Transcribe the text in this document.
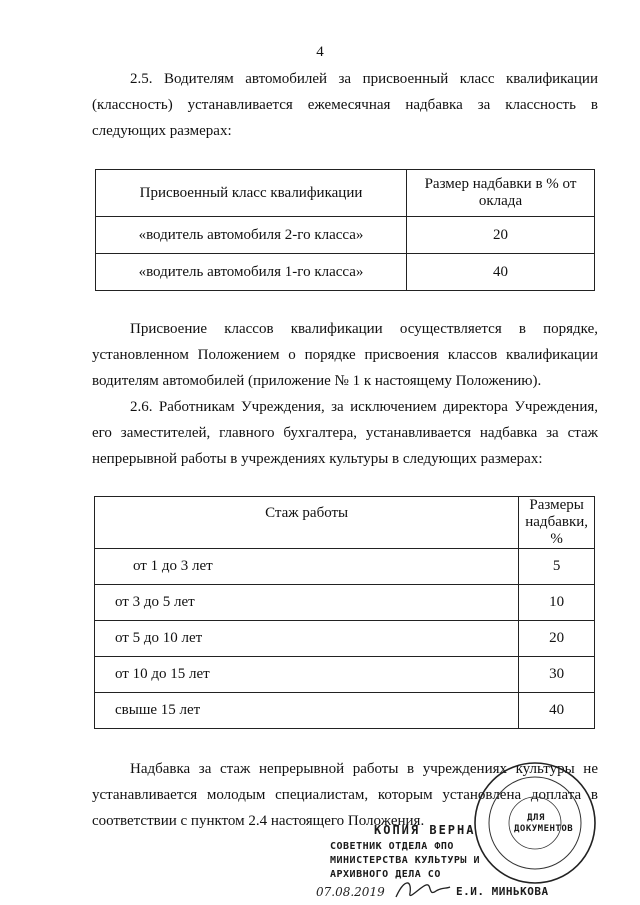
4
2.5. Водителям автомобилей за присвоенный класс квалификации
(классность) устанавливается ежемесячная надбавка за классность в
следующих размерах:
Присвоенный класс квалификации	Размер надбавки в % от оклада
«водитель автомобиля 2-го класса»	20
«водитель автомобиля 1-го класса»	40
Присвоение классов квалификации осуществляется в порядке,
установленном Положением о порядке присвоения классов квалификации
водителям автомобилей (приложение № 1 к настоящему Положению).
2.6. Работникам Учреждения, за исключением директора Учреждения,
его заместителей, главного бухгалтера, устанавливается надбавка за стаж
непрерывной работы в учреждениях культуры в следующих размерах:
Стаж работы	Размеры надбавки, %
от 1 до 3 лет	5
от 3 до 5 лет	10
от 5 до 10 лет	20
от 10 до 15 лет	30
свыше 15 лет	40
Надбавка за стаж непрерывной работы в учреждениях культуры не
устанавливается молодым специалистам, которым установлена доплата в
соответствии с пунктом 2.4 настоящего Положения.	ДЛЯ ДОКУМЕНТОВ
КОПИЯ ВЕРНА
СОВЕТНИК ОТДЕЛА ФПО
МИНИСТЕРСТВА КУЛЬТУРЫ И
АРХИВНОГО ДЕЛА СО
07.08.2019	Е.И. МИНЬКОВА
